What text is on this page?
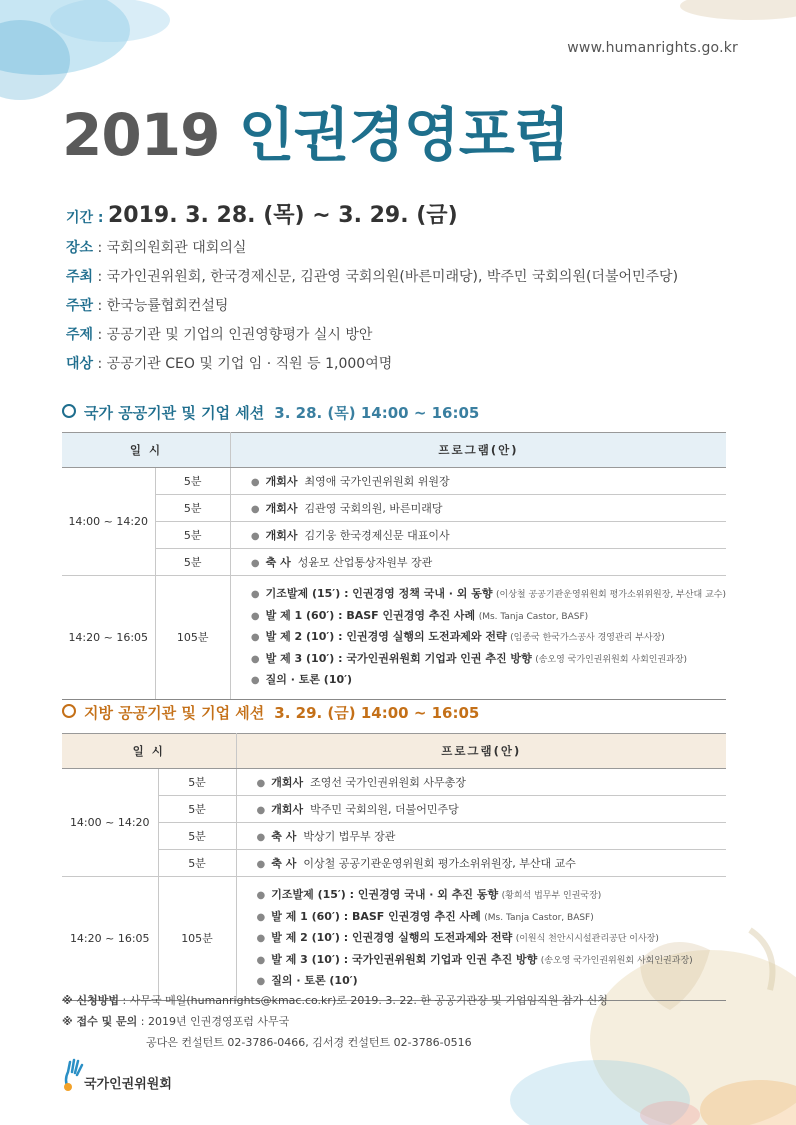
www.humanrights.go.kr
2019 인권경영포럼
기간 : 2019. 3. 28. (목) ~ 3. 29. (금)
장소 : 국회의원회관 대회의실
주최 : 국가인권위원회, 한국경제신문, 김관영 국회의원(바른미래당), 박주민 국회의원(더불어민주당)
주관 : 한국능률협회컨설팅
주제 : 공공기관 및 기업의 인권영향평가 실시 방안
대상 : 공공기관 CEO 및 기업 임 · 직원 등 1,000여명
국가 공공기관 및 기업 세션 3. 28. (목) 14:00 ~ 16:05
일 시		프로그램(안)
14:00 ~ 14:20	5분	● 개회사 최영애 국가인권위원회 위원장
	5분	● 개회사 김관영 국회의원, 바른미래당
	5분	● 개회사 김기웅 한국경제신문 대표이사
	5분	● 축 사 성윤모 산업통상자원부 장관
14:20 ~ 16:05	105분	● 기조발제 (15′) : 인권경영 정책 국내 · 외 동향 (이상철 공공기관운영위원회 평가소위위원장, 부산대 교수)
● 발 제 1 (60′) : BASF 인권경영 추진 사례 (Ms. Tanja Castor, BASF)
● 발 제 2 (10′) : 인권경영 실행의 도전과제와 전략 (임종국 한국가스공사 경영관리 부사장)
● 발 제 3 (10′) : 국가인권위원회 기업과 인권 추진 방향 (송오영 국가인권위원회 사회인권과장)
● 질의 · 토론 (10′)
지방 공공기관 및 기업 세션 3. 29. (금) 14:00 ~ 16:05
일 시		프로그램(안)
14:00 ~ 14:20	5분	● 개회사 조영선 국가인권위원회 사무총장
	5분	● 개회사 박주민 국회의원, 더불어민주당
	5분	● 축 사 박상기 법무부 장관
	5분	● 축 사 이상철 공공기관운영위원회 평가소위위원장, 부산대 교수
14:20 ~ 16:05	105분	● 기조발제 (15′) : 인권경영 국내 · 외 추진 동향 (황희석 법무부 인권국장)
● 발 제 1 (60′) : BASF 인권경영 추진 사례 (Ms. Tanja Castor, BASF)
● 발 제 2 (10′) : 인권경영 실행의 도전과제와 전략 (이원식 천안시시설관리공단 이사장)
● 발 제 3 (10′) : 국가인권위원회 기업과 인권 추진 방향 (송오영 국가인권위원회 사회인권과장)
● 질의 · 토론 (10′)
※ 신청방법 : 사무국 메일(humanrights@kmac.co.kr)로 2019. 3. 22. 한 공공기관장 및 기업임직원 참가 신청
※ 접수 및 문의 : 2019년 인권경영포럼 사무국
공다은 컨설턴트 02-3786-0466, 김서경 컨설턴트 02-3786-0516
국가인권위원회
